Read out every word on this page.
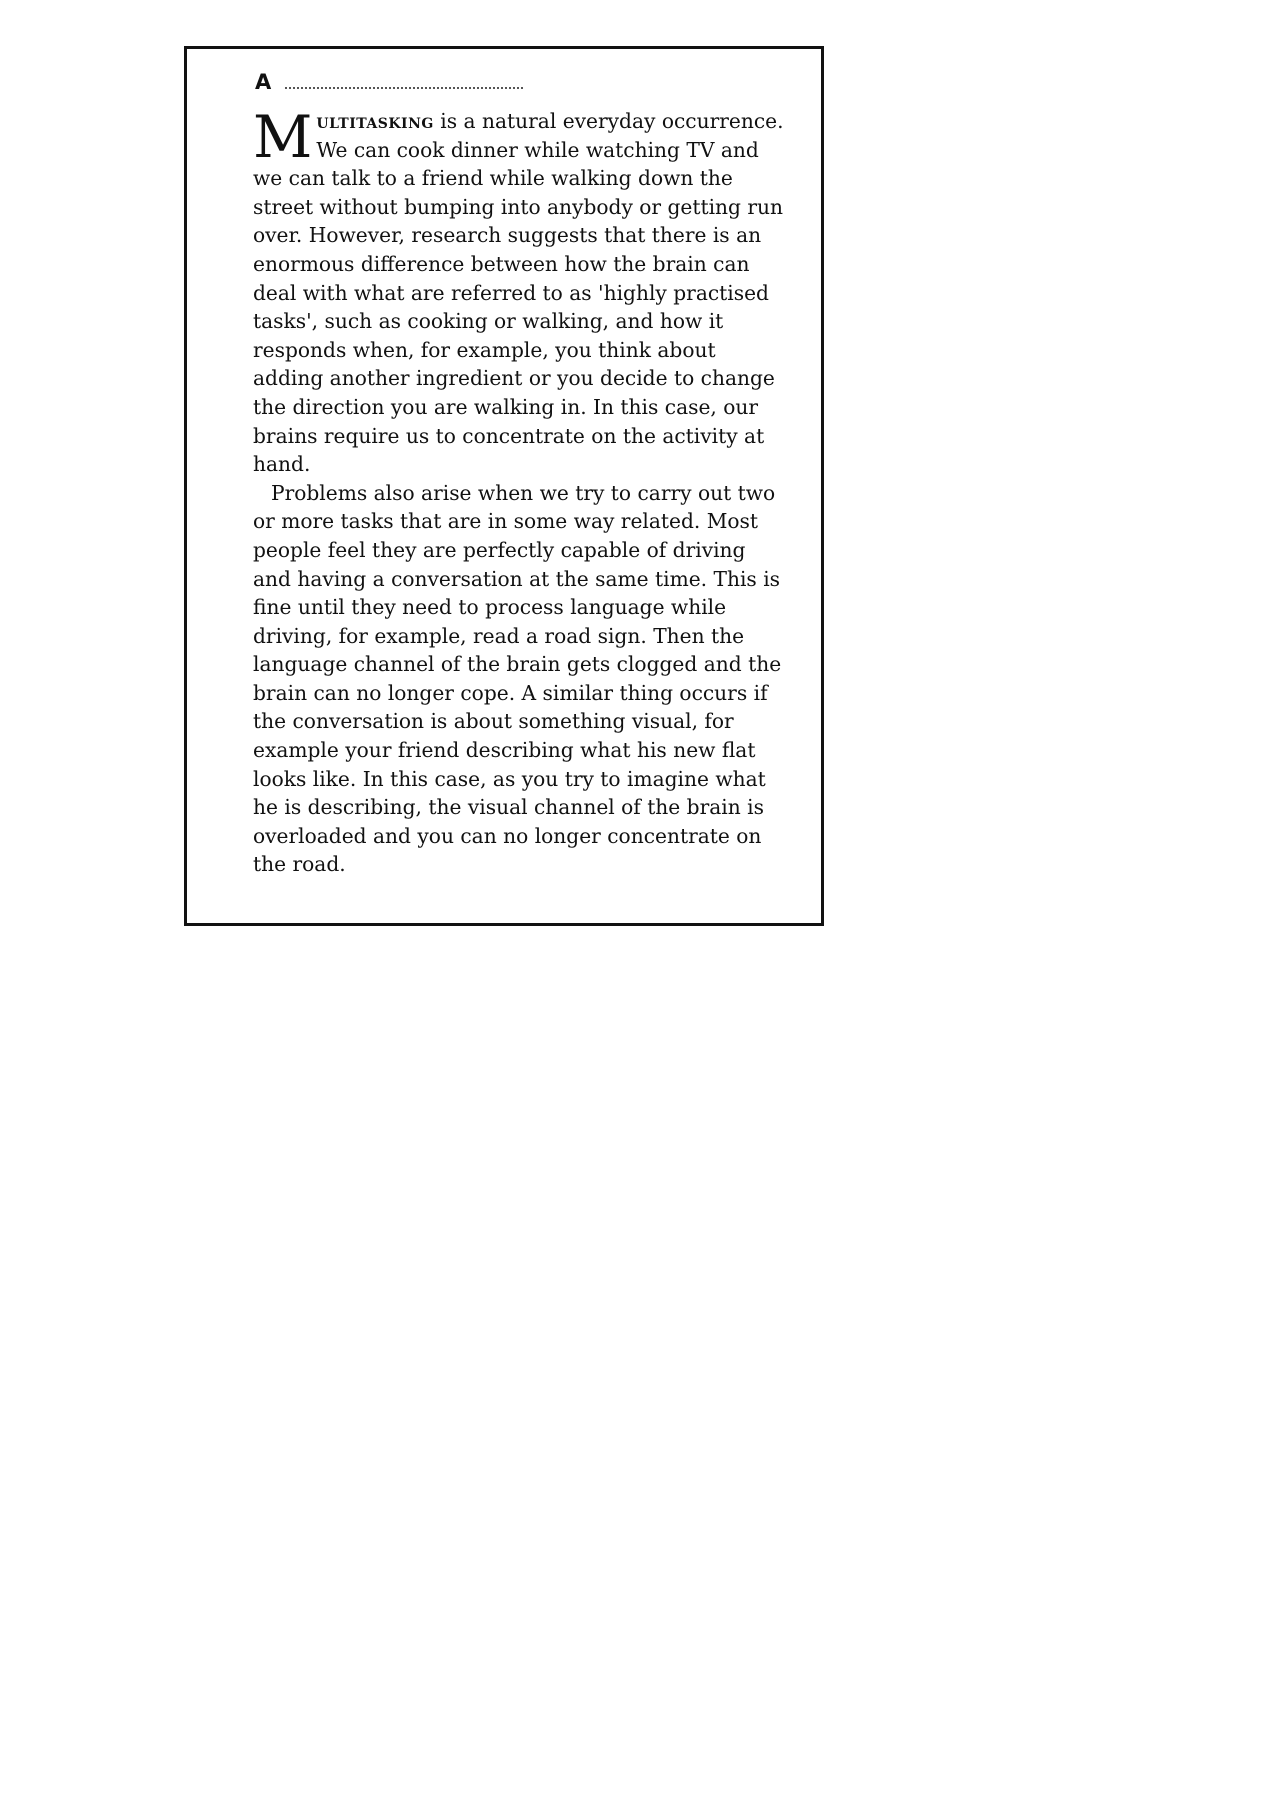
A

Multitasking is a natural everyday occurrence. We can cook dinner while watching TV and we can talk to a friend while walking down the street without bumping into anybody or getting run over. However, research suggests that there is an enormous difference between how the brain can deal with what are referred to as 'highly practised tasks', such as cooking or walking, and how it responds when, for example, you think about adding another ingredient or you decide to change the direction you are walking in. In this case, our brains require us to concentrate on the activity at hand.

Problems also arise when we try to carry out two or more tasks that are in some way related. Most people feel they are perfectly capable of driving and having a conversation at the same time. This is fine until they need to process language while driving, for example, read a road sign. Then the language channel of the brain gets clogged and the brain can no longer cope. A similar thing occurs if the conversation is about something visual, for example your friend describing what his new flat looks like. In this case, as you try to imagine what he is describing, the visual channel of the brain is overloaded and you can no longer concentrate on the road.
